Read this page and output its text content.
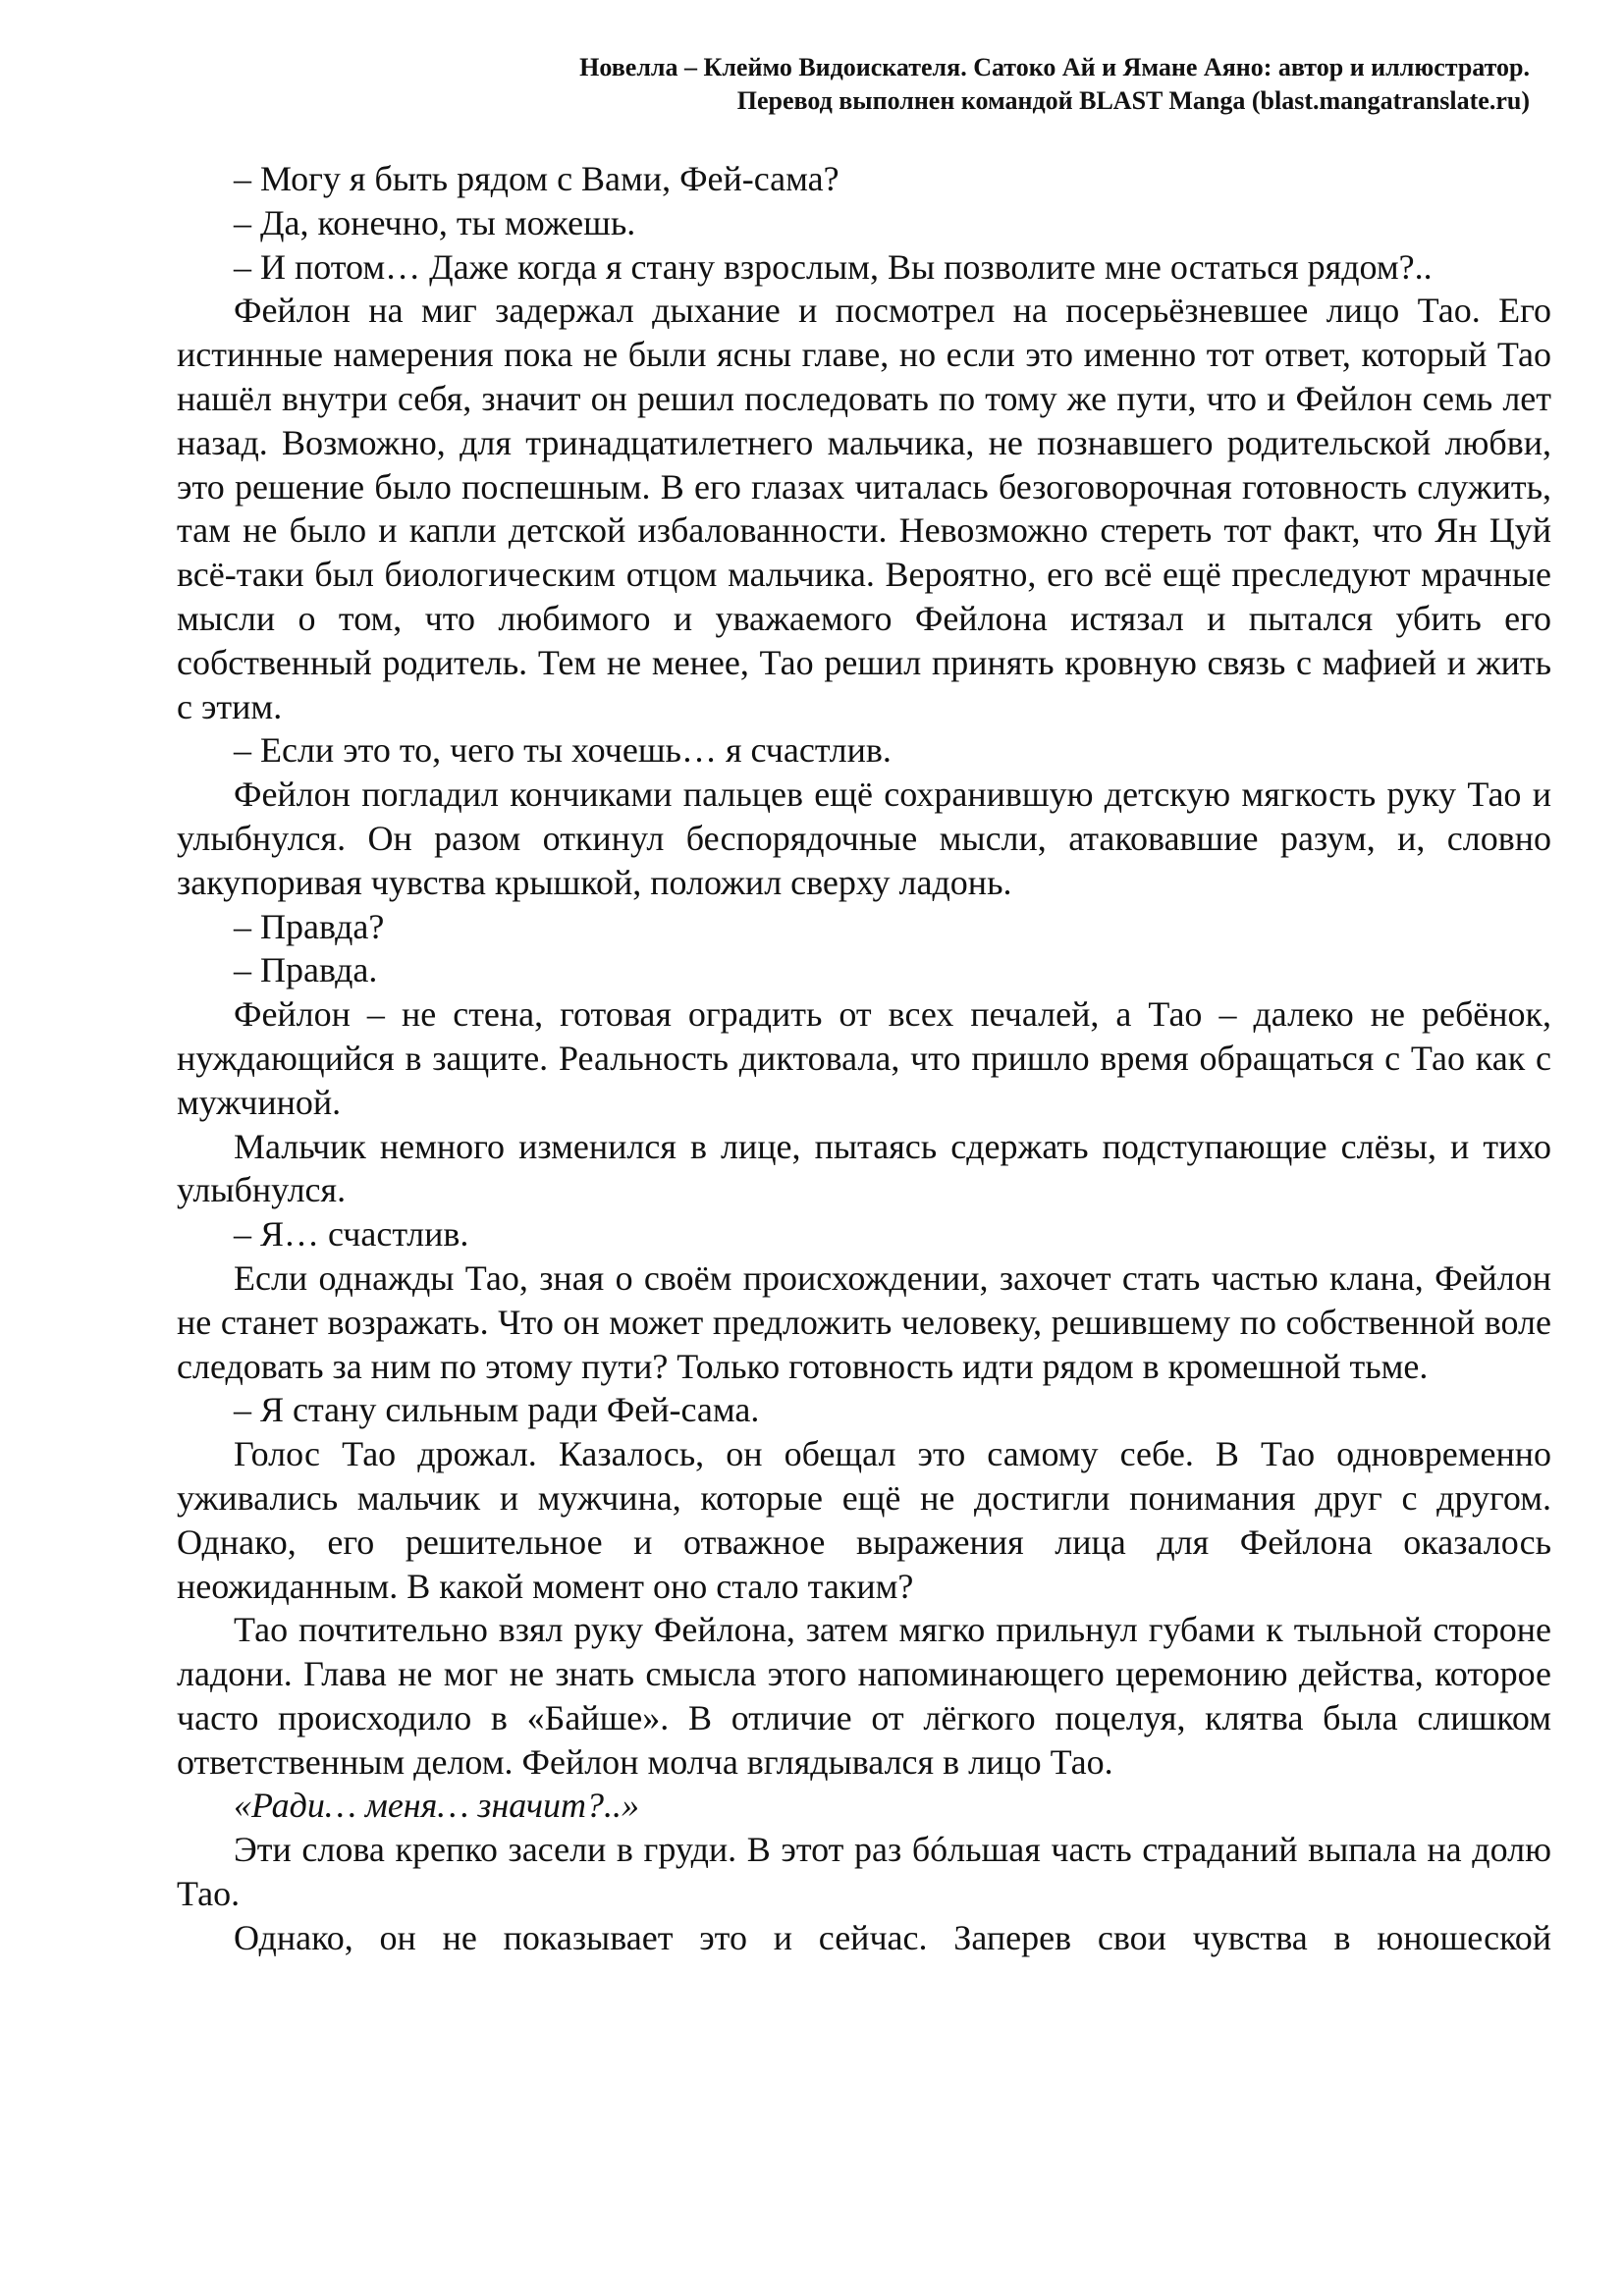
Новелла – Клеймо Видоискателя. Сатоко Ай и Ямане Аяно: автор и иллюстратор.
Перевод выполнен командой BLAST Manga (blast.mangatranslate.ru)

– Могу я быть рядом с Вами, Фей-сама?

– Да, конечно, ты можешь.

– И потом… Даже когда я стану взрослым, Вы позволите мне остаться рядом?..

Фейлон на миг задержал дыхание и посмотрел на посерьёзневшее лицо Тао. Его истинные намерения пока не были ясны главе, но если это именно тот ответ, который Тао нашёл внутри себя, значит он решил последовать по тому же пути, что и Фейлон семь лет назад. Возможно, для тринадцатилетнего мальчика, не познавшего родительской любви, это решение было поспешным. В его глазах читалась безоговорочная готовность служить, там не было и капли детской избалованности. Невозможно стереть тот факт, что Ян Цуй всё-таки был биологическим отцом мальчика. Вероятно, его всё ещё преследуют мрачные мысли о том, что любимого и уважаемого Фейлона истязал и пытался убить его собственный родитель. Тем не менее, Тао решил принять кровную связь с мафией и жить с этим.

– Если это то, чего ты хочешь… я счастлив.

Фейлон погладил кончиками пальцев ещё сохранившую детскую мягкость руку Тао и улыбнулся. Он разом откинул беспорядочные мысли, атаковавшие разум, и, словно закупоривая чувства крышкой, положил сверху ладонь.

– Правда?

– Правда.

Фейлон – не стена, готовая оградить от всех печалей, а Тао – далеко не ребёнок, нуждающийся в защите. Реальность диктовала, что пришло время обращаться с Тао как с мужчиной.

Мальчик немного изменился в лице, пытаясь сдержать подступающие слёзы, и тихо улыбнулся.

– Я… счастлив.

Если однажды Тао, зная о своём происхождении, захочет стать частью клана, Фейлон не станет возражать. Что он может предложить человеку, решившему по собственной воле следовать за ним по этому пути? Только готовность идти рядом в кромешной тьме.

– Я стану сильным ради Фей-сама.

Голос Тао дрожал. Казалось, он обещал это самому себе. В Тао одновременно уживались мальчик и мужчина, которые ещё не достигли понимания друг с другом. Однако, его решительное и отважное выражения лица для Фейлона оказалось неожиданным. В какой момент оно стало таким?

Тао почтительно взял руку Фейлона, затем мягко прильнул губами к тыльной стороне ладони. Глава не мог не знать смысла этого напоминающего церемонию действа, которое часто происходило в «Байше». В отличие от лёгкого поцелуя, клятва была слишком ответственным делом. Фейлон молча вглядывался в лицо Тао.

«Ради… меня… значит?..»

Эти слова крепко засели в груди. В этот раз бóльшая часть страданий выпала на долю Тао.

Однако, он не показывает это и сейчас. Заперев свои чувства в юношеской
